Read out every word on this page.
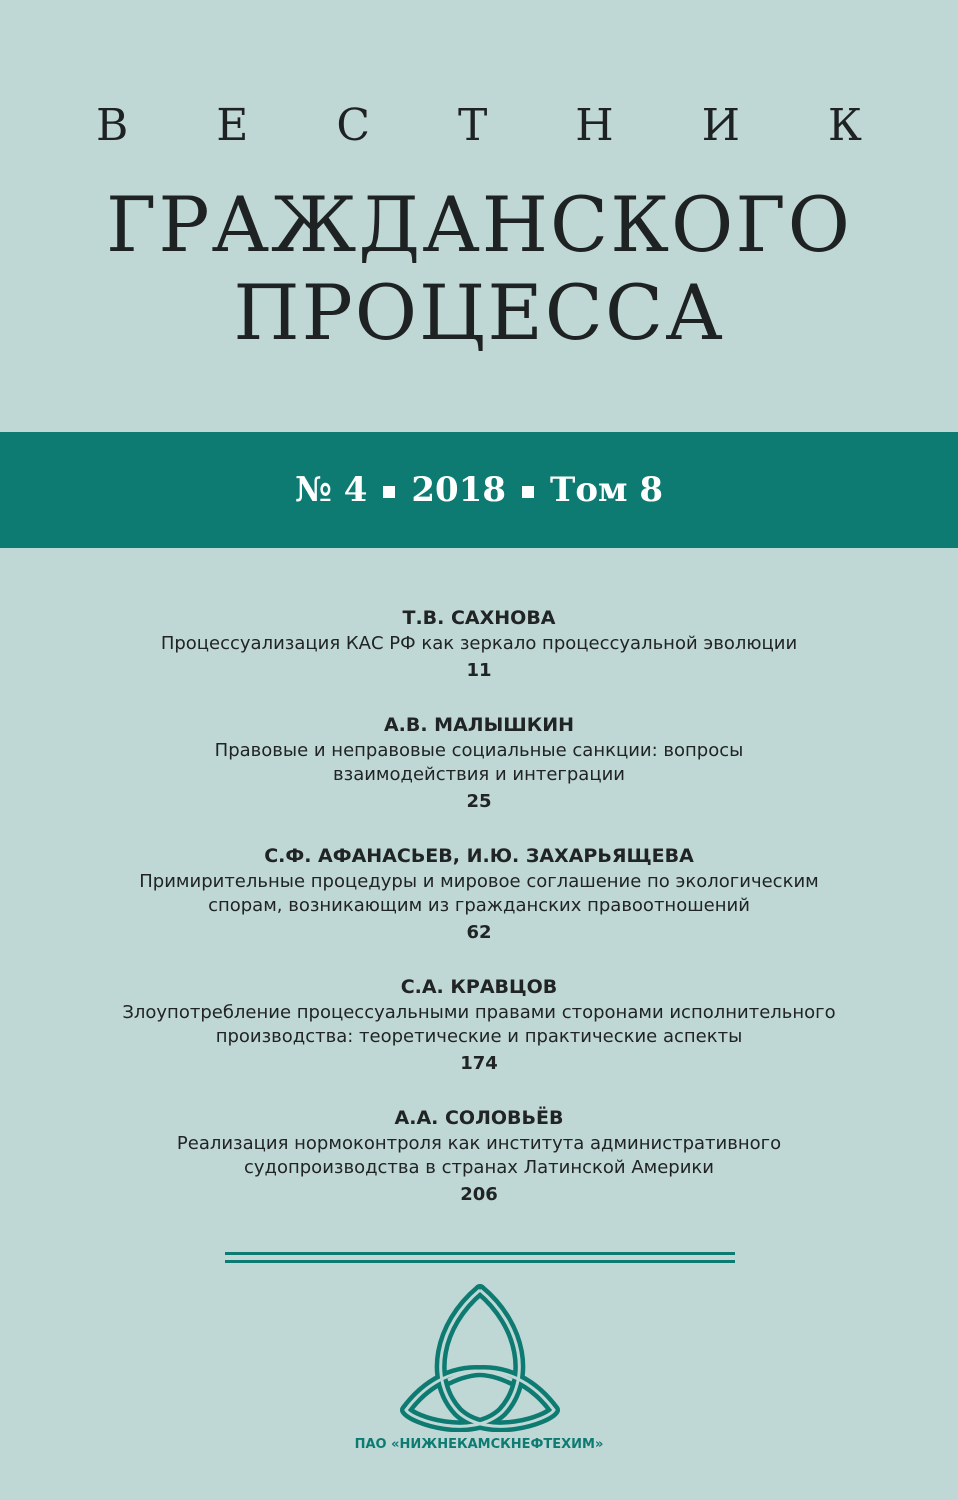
В Е С Т Н И К
ГРАЖДАНСКОГО
ПРОЦЕССА
№ 4 2018 Том 8
Т.В. САХНОВА
Процессуализация КАС РФ как зеркало процессуальной эволюции
11
А.В. МАЛЫШКИН
Правовые и неправовые социальные санкции: вопросы
взаимодействия и интеграции
25
С.Ф. АФАНАСЬЕВ, И.Ю. ЗАХАРЬЯЩЕВА
Примирительные процедуры и мировое соглашение по экологическим
спорам, возникающим из гражданских правоотношений
62
С.А. КРАВЦОВ
Злоупотребление процессуальными правами сторонами исполнительного
производства: теоретические и практические аспекты
174
А.А. СОЛОВЬЁВ
Реализация нормоконтроля как института административного
судопроизводства в странах Латинской Америки
206
ПАО «НИЖНЕКАМСКНЕФТЕХИМ»
